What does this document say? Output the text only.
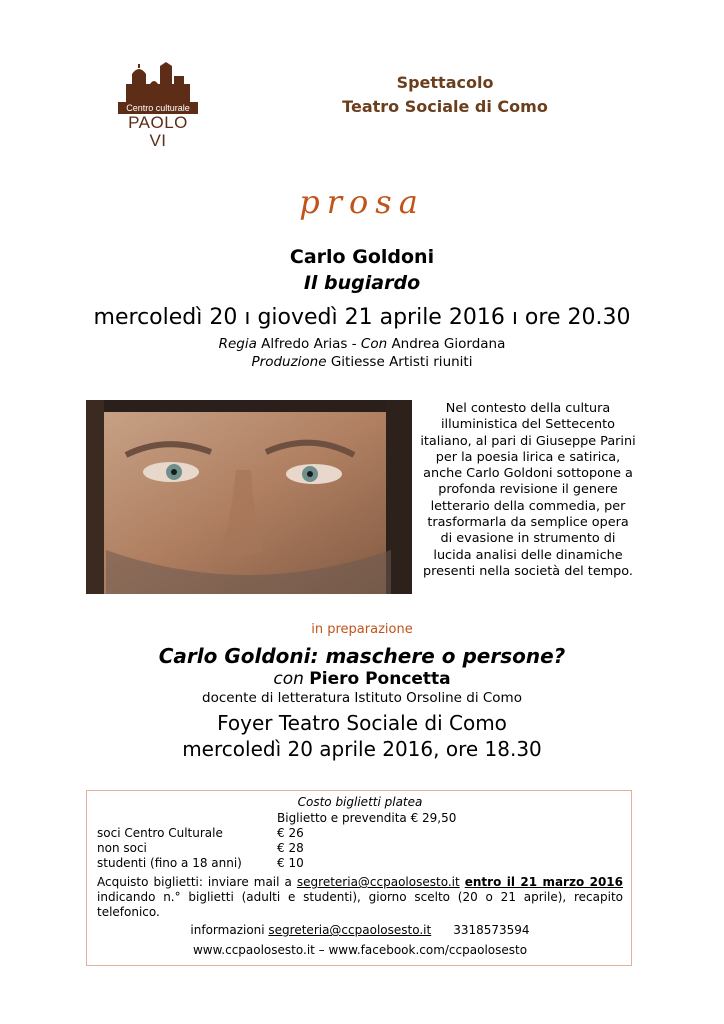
Centro culturale
PAOLO VI
Spettacolo
Teatro Sociale di Como
prosa
Carlo Goldoni
Il bugiardo
mercoledì 20 ı giovedì 21 aprile 2016 ı ore 20.30
Regia Alfredo Arias - Con Andrea Giordana
Produzione Gitiesse Artisti riuniti
Nel contesto della cultura illuministica del Settecento italiano, al pari di Giuseppe Parini per la poesia lirica e satirica, anche Carlo Goldoni sottopone a profonda revisione il genere letterario della commedia, per trasformarla da semplice opera di evasione in strumento di lucida analisi delle dinamiche presenti nella società del tempo.
in preparazione
Carlo Goldoni: maschere o persone?
con Piero Poncetta
docente di letteratura Istituto Orsoline di Como
Foyer Teatro Sociale di Como
mercoledì 20 aprile 2016, ore 18.30
Costo biglietti platea
Biglietto e prevendita € 29,50
soci Centro Culturale	€ 26
non soci	€ 28
studenti (fino a 18 anni)	€ 10
Acquisto biglietti: inviare mail a segreteria@ccpaolosesto.it entro il 21 marzo 2016 indicando n.° biglietti (adulti e studenti), giorno scelto (20 o 21 aprile), recapito telefonico.
informazioni segreteria@ccpaolosesto.it 3318573594
www.ccpaolosesto.it – www.facebook.com/ccpaolosesto
